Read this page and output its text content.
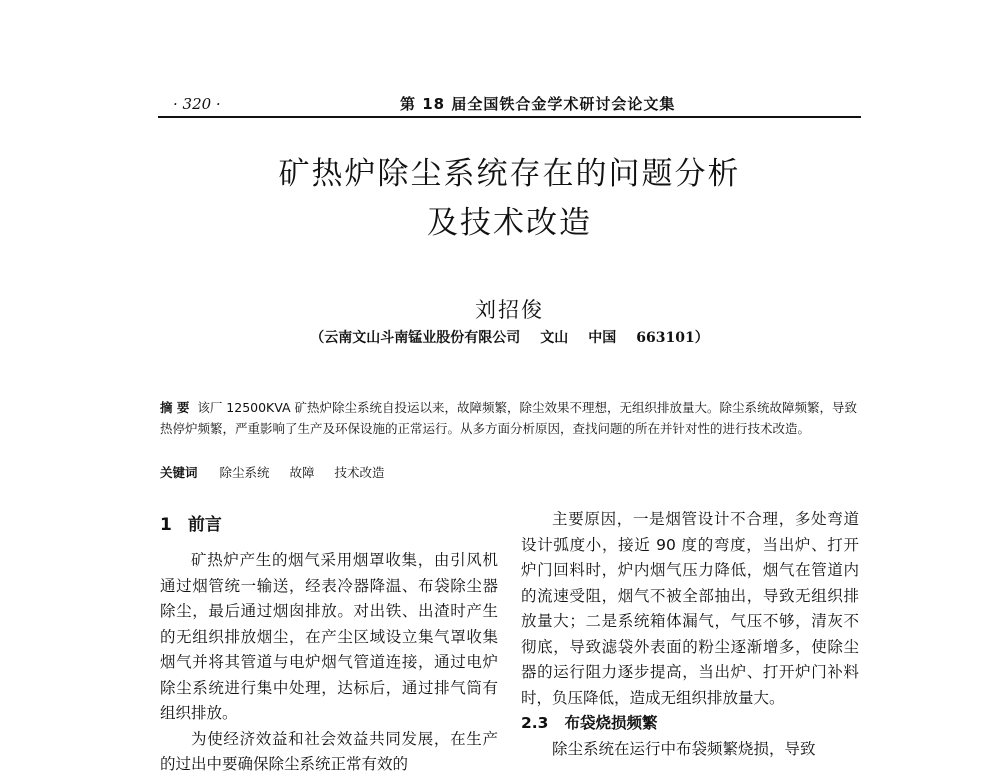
· 320 ·	第 18 届全国铁合金学术研讨会论文集
矿热炉除尘系统存在的问题分析
及技术改造
刘招俊
（云南文山斗南锰业股份有限公司 文山 中国 663101）
摘 要 该厂 12500KVA 矿热炉除尘系统自投运以来，故障频繁，除尘效果不理想，无组织排放量大。除尘系统故障频繁，导致热停炉频繁，严重影响了生产及环保设施的正常运行。从多方面分析原因，查找问题的所在并针对性的进行技术改造。
关键词 除尘系统 故障 技术改造
1 前言

矿热炉产生的烟气采用烟罩收集，由引风机通过烟管统一输送，经表冷器降温、布袋除尘器除尘，最后通过烟囱排放。对出铁、出渣时产生的无组织排放烟尘，在产尘区域设立集气罩收集烟气并将其管道与电炉烟气管道连接，通过电炉除尘系统进行集中处理，达标后，通过排气筒有组织排放。

为使经济效益和社会效益共同发展，在生产的过出中要确保除尘系统正常有效的

主要原因，一是烟管设计不合理，多处弯道设计弧度小，接近 90 度的弯度，当出炉、打开炉门回料时，炉内烟气压力降低，烟气在管道内的流速受阻，烟气不被全部抽出，导致无组织排放量大；二是系统箱体漏气，气压不够，清灰不彻底，导致滤袋外表面的粉尘逐渐增多，使除尘器的运行阻力逐步提高，当出炉、打开炉门补料时，负压降低，造成无组织排放量大。

2.3 布袋烧损频繁

除尘系统在运行中布袋频繁烧损，导致
